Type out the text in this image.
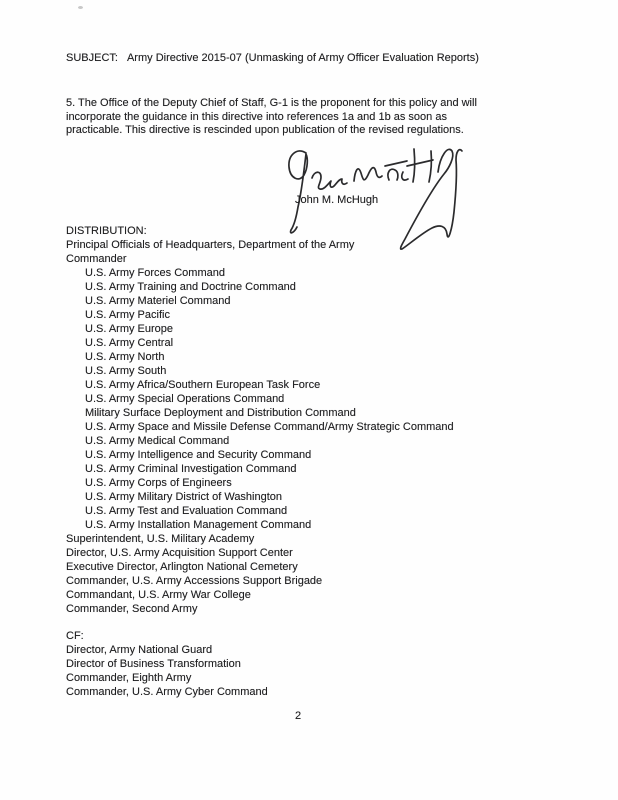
SUBJECT: Army Directive 2015-07 (Unmasking of Army Officer Evaluation Reports)
5. The Office of the Deputy Chief of Staff, G-1 is the proponent for this policy and will
incorporate the guidance in this directive into references 1a and 1b as soon as
practicable. This directive is rescinded upon publication of the revised regulations.
John M. McHugh
DISTRIBUTION:
Principal Officials of Headquarters, Department of the Army
Commander
U.S. Army Forces Command
U.S. Army Training and Doctrine Command
U.S. Army Materiel Command
U.S. Army Pacific
U.S. Army Europe
U.S. Army Central
U.S. Army North
U.S. Army South
U.S. Army Africa/Southern European Task Force
U.S. Army Special Operations Command
Military Surface Deployment and Distribution Command
U.S. Army Space and Missile Defense Command/Army Strategic Command
U.S. Army Medical Command
U.S. Army Intelligence and Security Command
U.S. Army Criminal Investigation Command
U.S. Army Corps of Engineers
U.S. Army Military District of Washington
U.S. Army Test and Evaluation Command
U.S. Army Installation Management Command
Superintendent, U.S. Military Academy
Director, U.S. Army Acquisition Support Center
Executive Director, Arlington National Cemetery
Commander, U.S. Army Accessions Support Brigade
Commandant, U.S. Army War College
Commander, Second Army
CF:
Director, Army National Guard
Director of Business Transformation
Commander, Eighth Army
Commander, U.S. Army Cyber Command
2
